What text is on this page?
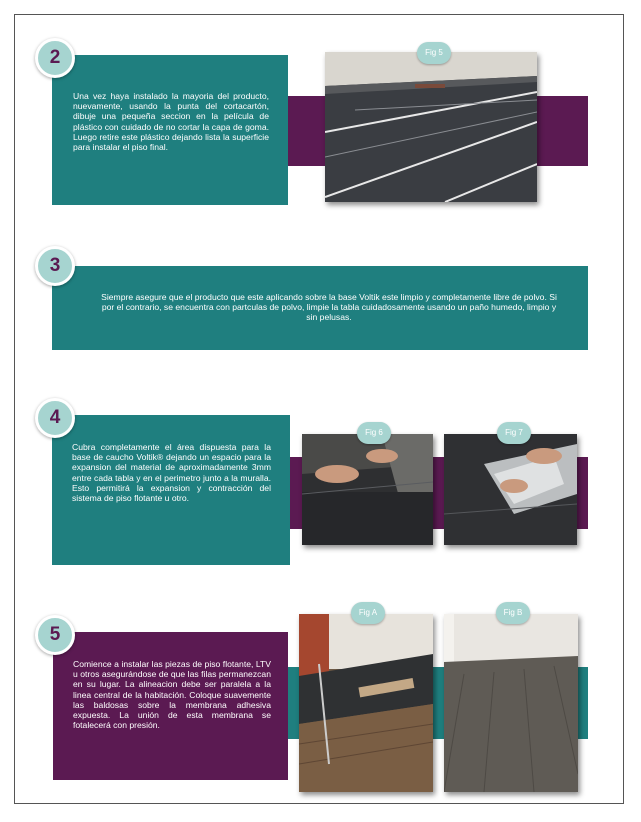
Una vez haya instalado la mayoria del producto, nuevamente, usando la punta del cortacartón, dibuje una pequeña seccion en la película de plástico con cuidado de no cortar la capa de goma. Luego retire este plástico dejando lista la superficie para instalar el piso final.
2	Fig 5
Siempre asegure que el producto que este aplicando sobre la base Voltik este limpio y completamente libre de polvo. Si por el contrario, se encuentra con partculas de polvo, limpie la tabla cuidadosamente usando un paño humedo, limpio y sin pelusas.
3
Cubra completamente el área dispuesta para la base de caucho Voltik® dejando un espacio para la expansion del material de aproximadamente 3mm entre cada tabla y en el perimetro junto a la muralla. Esto permitirá la expansion y contracción del sistema de piso flotante u otro.
4
Fig 6	Fig 7
Comience a instalar las piezas de piso flotante, LTV u otros asegurándose de que las filas permanezcan en su lugar. La alineacion debe ser paralela a la linea central de la habitación. Coloque suavemente las baldosas sobre la membrana adhesiva expuesta. La unión de esta membrana se fotalecerá con presión.
5
Fig A	Fig B
